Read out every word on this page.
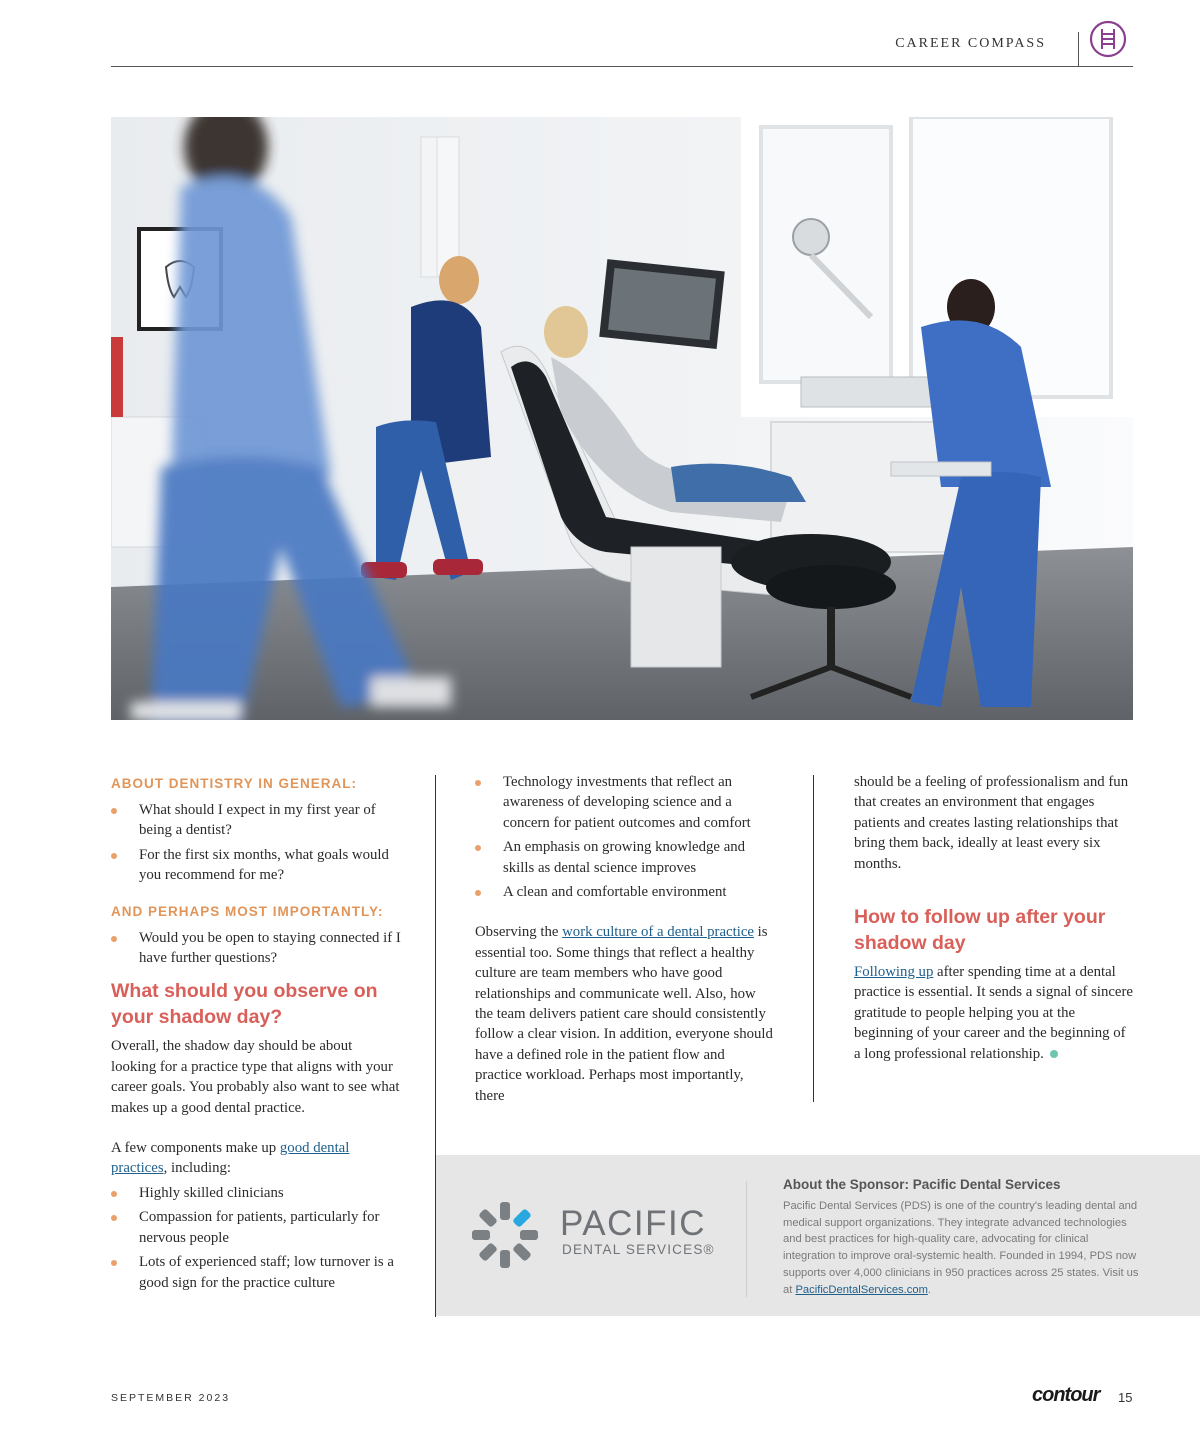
CAREER COMPASS
ABOUT DENTISTRY IN GENERAL:
What should I expect in my first year of being a dentist?
For the first six months, what goals would you recommend for me?
AND PERHAPS MOST IMPORTANTLY:
Would you be open to staying connected if I have further questions?
What should you observe on your shadow day?

Overall, the shadow day should be about looking for a practice type that aligns with your career goals. You probably also want to see what makes up a good dental practice.

A few components make up good dental practices, including:

Highly skilled clinicians
Compassion for patients, particularly for nervous people
Lots of experienced staff; low turnover is a good sign for the practice culture
Technology investments that reflect an awareness of developing science and a concern for patient outcomes and comfort
An emphasis on growing knowledge and skills as dental science improves
A clean and comfortable environment

Observing the work culture of a dental practice is essential too. Some things that reflect a healthy culture are team members who have good relationships and communicate well. Also, how the team delivers patient care should consistently follow a clear vision. In addition, everyone should have a defined role in the patient flow and practice workload. Perhaps most importantly, there

should be a feeling of professionalism and fun that creates an environment that engages patients and creates lasting relationships that bring them back, ideally at least every six months.

How to follow up after your shadow day

Following up after spending time at a dental practice is essential. It sends a signal of sincere gratitude to people helping you at the beginning of your career and the beginning of a long professional relationship.

PACIFIC
DENTAL SERVICES®
About the Sponsor: Pacific Dental Services
Pacific Dental Services (PDS) is one of the country's leading dental and medical support organizations. They integrate advanced technologies and best practices for high-quality care, advocating for clinical integration to improve oral-systemic health. Founded in 1994, PDS now supports over 4,000 clinicians in 950 practices across 25 states. Visit us at PacificDentalServices.com.
SEPTEMBER 2023	contour 15
